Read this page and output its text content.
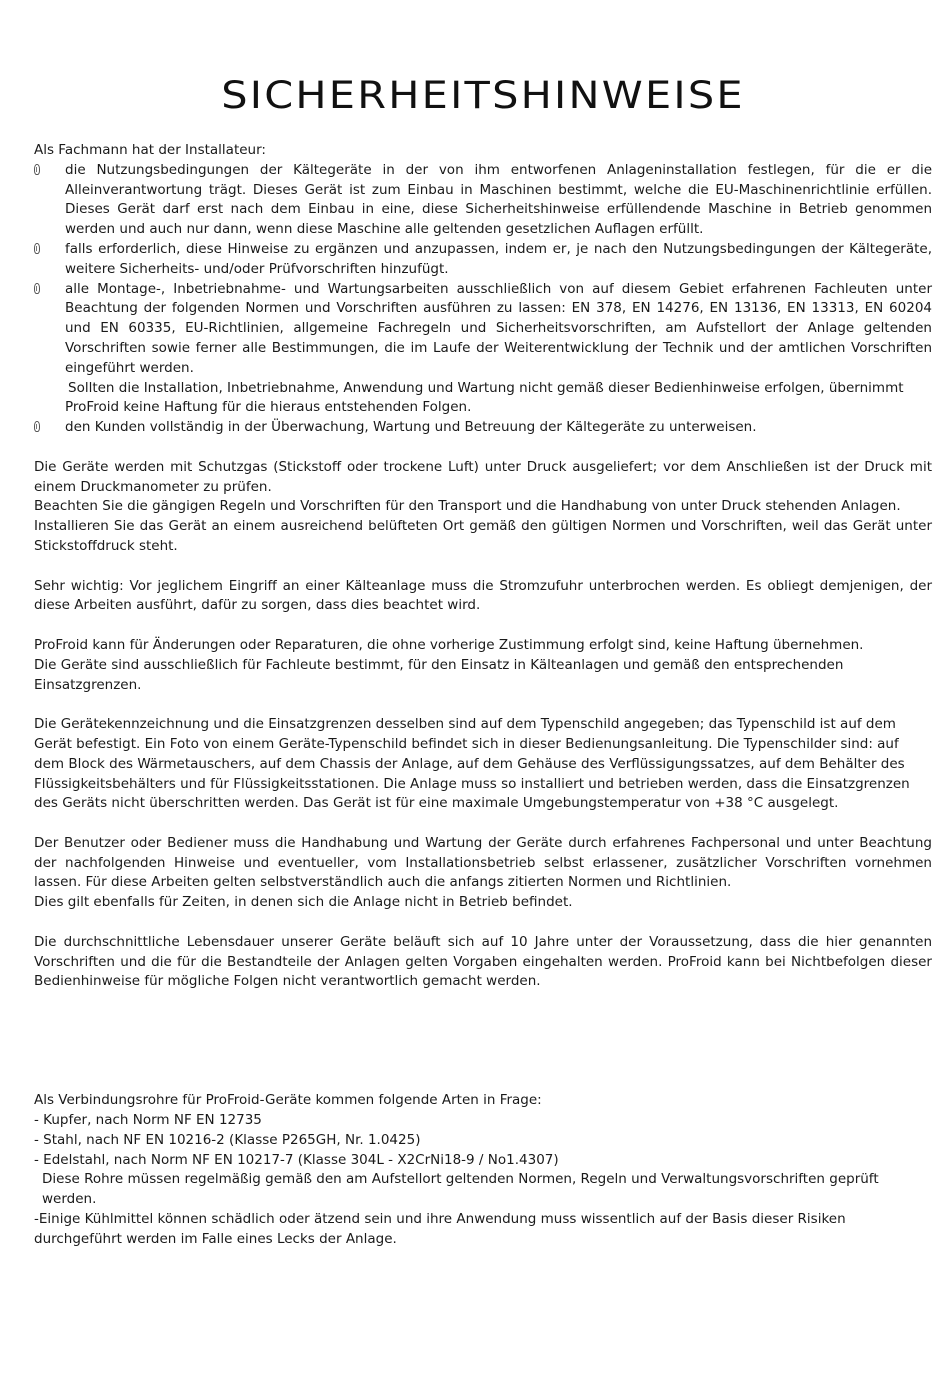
SICHERHEITSHINWEISE

Als Fachmann hat der Installateur:

die Nutzungsbedingungen der Kältegeräte in der von ihm entworfenen Anlageninstallation festlegen, für die er die Alleinverantwortung trägt. Dieses Gerät ist zum Einbau in Maschinen bestimmt, welche die EU-Maschinenrichtlinie erfüllen. Dieses Gerät darf erst nach dem Einbau in eine, diese Sicherheitshinweise erfüllendende Maschine in Betrieb genommen werden und auch nur dann, wenn diese Maschine alle geltenden gesetzlichen Auflagen erfüllt.
falls erforderlich, diese Hinweise zu ergänzen und anzupassen, indem er, je nach den Nutzungsbedingungen der Kältegeräte, weitere Sicherheits- und/oder Prüfvorschriften hinzufügt.
alle Montage-, Inbetriebnahme- und Wartungsarbeiten ausschließlich von auf diesem Gebiet erfahrenen Fachleuten unter Beachtung der folgenden Normen und Vorschriften ausführen zu lassen: EN 378, EN 14276, EN 13136, EN 13313, EN 60204 und EN 60335, EU-Richtlinien, allgemeine Fachregeln und Sicherheitsvorschriften, am Aufstellort der Anlage geltenden Vorschriften sowie ferner alle Bestimmungen, die im Laufe der Weiterentwicklung der Technik und der amtlichen Vorschriften eingeführt werden.

Sollten die Installation, Inbetriebnahme, Anwendung und Wartung nicht gemäß dieser Bedienhinweise erfolgen, übernimmt ProFroid keine Haftung für die hieraus entstehenden Folgen.

den Kunden vollständig in der Überwachung, Wartung und Betreuung der Kältegeräte zu unterweisen.

Die Geräte werden mit Schutzgas (Stickstoff oder trockene Luft) unter Druck ausgeliefert; vor dem Anschließen ist der Druck mit einem Druckmanometer zu prüfen.

Beachten Sie die gängigen Regeln und Vorschriften für den Transport und die Handhabung von unter Druck stehenden Anlagen.

Installieren Sie das Gerät an einem ausreichend belüfteten Ort gemäß den gültigen Normen und Vorschriften, weil das Gerät unter Stickstoffdruck steht.

Sehr wichtig: Vor jeglichem Eingriff an einer Kälteanlage muss die Stromzufuhr unterbrochen werden. Es obliegt demjenigen, der diese Arbeiten ausführt, dafür zu sorgen, dass dies beachtet wird.

ProFroid kann für Änderungen oder Reparaturen, die ohne vorherige Zustimmung erfolgt sind, keine Haftung übernehmen.

Die Geräte sind ausschließlich für Fachleute bestimmt, für den Einsatz in Kälteanlagen und gemäß den entsprechenden Einsatzgrenzen.

Die Gerätekennzeichnung und die Einsatzgrenzen desselben sind auf dem Typenschild angegeben; das Typenschild ist auf dem Gerät befestigt. Ein Foto von einem Geräte-Typenschild befindet sich in dieser Bedienungsanleitung. Die Typenschilder sind: auf dem Block des Wärmetauschers, auf dem Chassis der Anlage, auf dem Gehäuse des Verflüssigungssatzes, auf dem Behälter des Flüssigkeitsbehälters und für Flüssigkeitsstationen. Die Anlage muss so installiert und betrieben werden, dass die Einsatzgrenzen des Geräts nicht überschritten werden. Das Gerät ist für eine maximale Umgebungstemperatur von +38 °C ausgelegt.

Der Benutzer oder Bediener muss die Handhabung und Wartung der Geräte durch erfahrenes Fachpersonal und unter Beachtung der nachfolgenden Hinweise und eventueller, vom Installationsbetrieb selbst erlassener, zusätzlicher Vorschriften vornehmen lassen. Für diese Arbeiten gelten selbstverständlich auch die anfangs zitierten Normen und Richtlinien.

Dies gilt ebenfalls für Zeiten, in denen sich die Anlage nicht in Betrieb befindet.

Die durchschnittliche Lebensdauer unserer Geräte beläuft sich auf 10 Jahre unter der Voraussetzung, dass die hier genannten Vorschriften und die für die Bestandteile der Anlagen gelten Vorgaben eingehalten werden. ProFroid kann bei Nichtbefolgen dieser Bedienhinweise für mögliche Folgen nicht verantwortlich gemacht werden.

Als Verbindungsrohre für ProFroid-Geräte kommen folgende Arten in Frage:

- Kupfer, nach Norm NF EN 12735

- Stahl, nach NF EN 10216-2 (Klasse P265GH, Nr. 1.0425)

- Edelstahl, nach Norm NF EN 10217-7 (Klasse 304L - X2CrNi18-9 / No1.4307)

Diese Rohre müssen regelmäßig gemäß den am Aufstellort geltenden Normen, Regeln und Verwaltungsvorschriften geprüft werden.

-Einige Kühlmittel können schädlich oder ätzend sein und ihre Anwendung muss wissentlich auf der Basis dieser Risiken durchgeführt werden im Falle eines Lecks der Anlage.
